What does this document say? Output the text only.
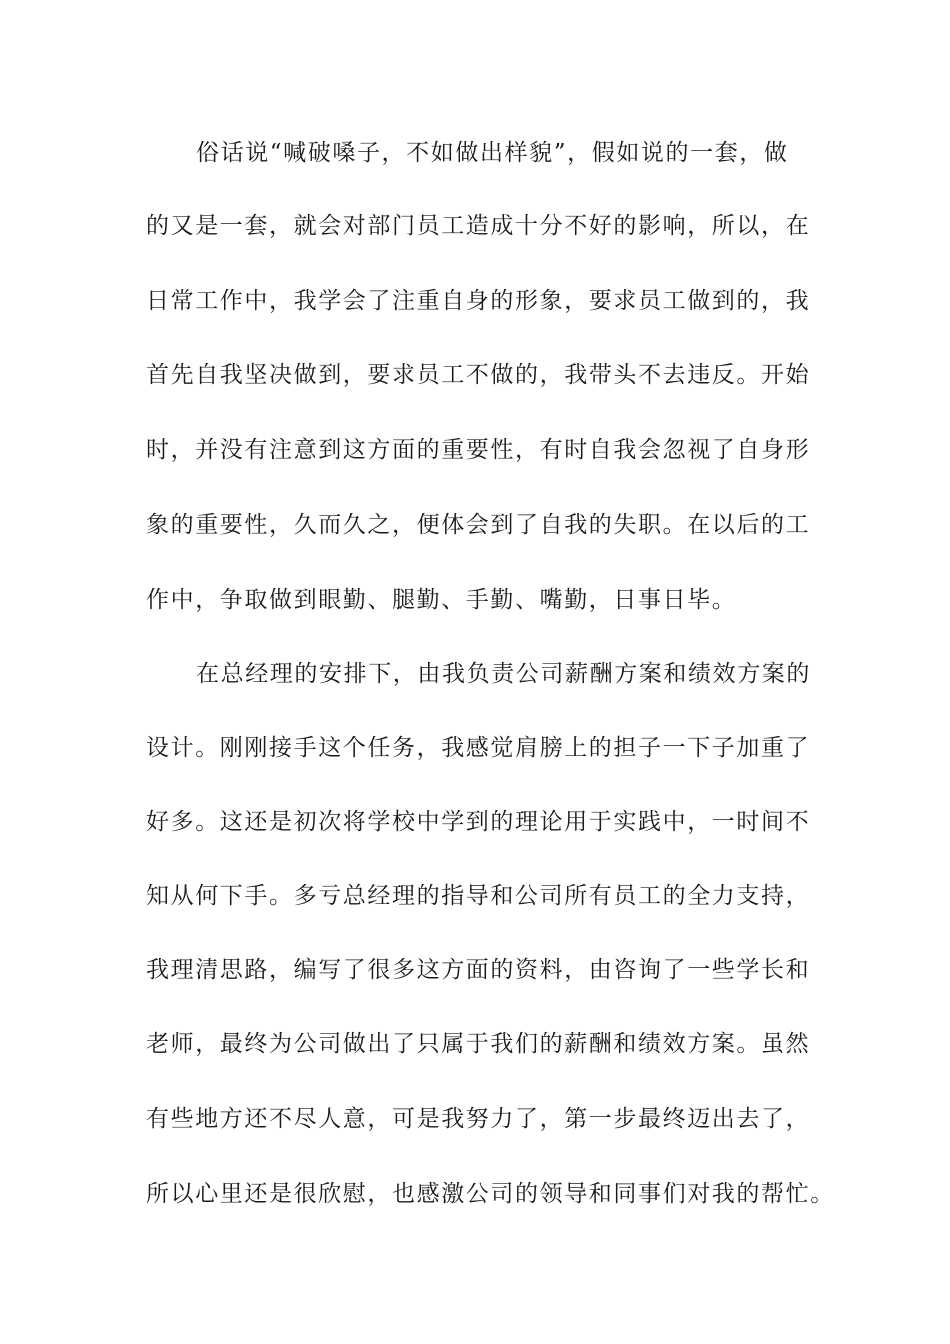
俗话说“喊破嗓子，不如做出样貌”，假如说的一套，做
的又是一套，就会对部门员工造成十分不好的影响，所以，在
日常工作中，我学会了注重自身的形象，要求员工做到的，我
首先自我坚决做到，要求员工不做的，我带头不去违反。开始
时，并没有注意到这方面的重要性，有时自我会忽视了自身形
象的重要性，久而久之，便体会到了自我的失职。在以后的工
作中，争取做到眼勤、腿勤、手勤、嘴勤，日事日毕。
在总经理的安排下，由我负责公司薪酬方案和绩效方案的
设计。刚刚接手这个任务，我感觉肩膀上的担子一下子加重了
好多。这还是初次将学校中学到的理论用于实践中，一时间不
知从何下手。多亏总经理的指导和公司所有员工的全力支持，
我理清思路，编写了很多这方面的资料，由咨询了一些学长和
老师，最终为公司做出了只属于我们的薪酬和绩效方案。虽然
有些地方还不尽人意，可是我努力了，第一步最终迈出去了，
所以心里还是很欣慰，也感激公司的领导和同事们对我的帮忙。
